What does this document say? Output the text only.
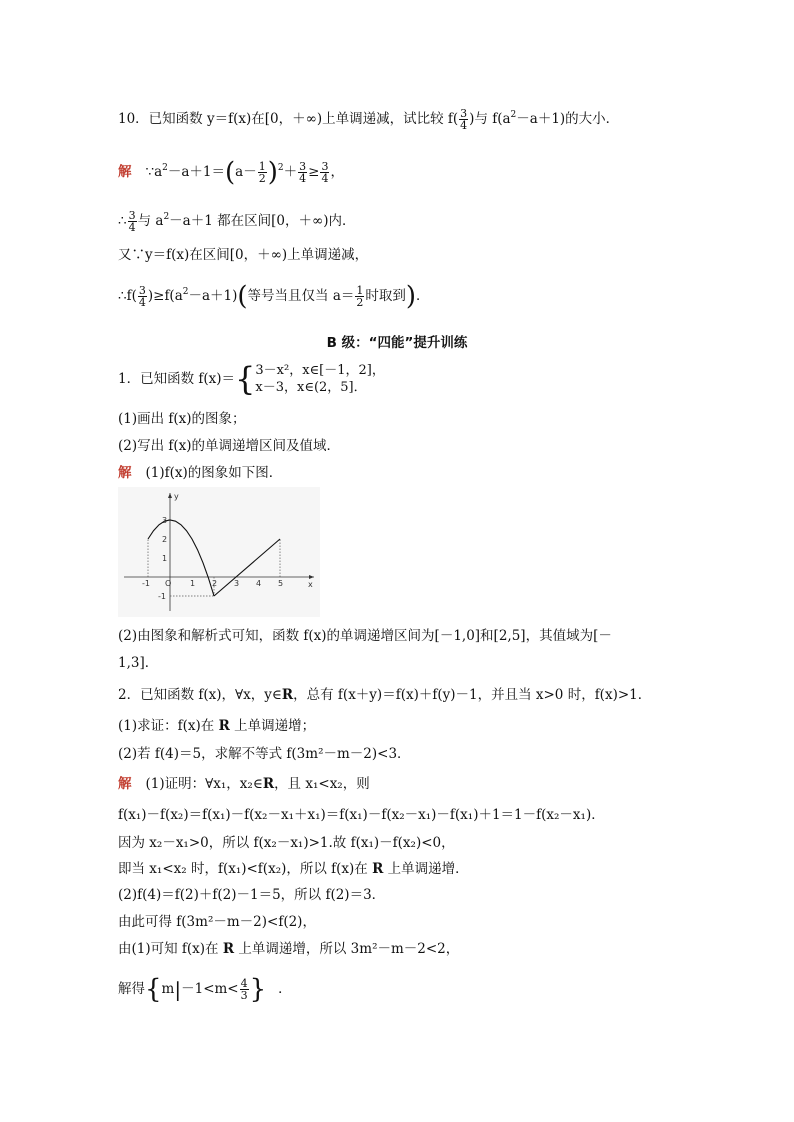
10．已知函数 y＝f(x)在[0，＋∞)上单调递减，试比较 $f( \frac{3}{4}$ )与 $f(a^2-a+1)$的大小．
解 $\because a^2-a+1=(a- \frac{1}{2} )^2+ \frac{3}{4} \ge \frac{3}{4}$ ，
∴ $\frac{3}{4}$ 与 $a^2-a+1$ 都在区间[0，＋∞)内．
又∵y＝f(x)在区间[0，＋∞)上单调递减，
∴f( $\frac{3}{4} )\ge f(a^2-a+1)$(等号当且仅当 $a= \frac{1}{2}$ 时取到)．
B 级：“四能”提升训练
1．已知函数 f(x)＝{ 3－x²，x∈[－1，2]，
x－3，x∈(2，5]．
(1)画出 f(x)的图象；
(2)写出 f(x)的单调递增区间及值域．
解 (1)f(x)的图象如下图．
x
y
O
-1	1 2 3 4 5
1
2
3
-1
(2)由图象和解析式可知，函数 f(x)的单调递增区间为[－1,0]和[2,5]，其值域为[－
1,3]．
2．已知函数 f(x)，∀x，y∈R，总有 f(x＋y)＝f(x)＋f(y)－1，并且当 x>0 时，f(x)>1．
(1)求证：f(x)在 R 上单调递增；
(2)若 f(4)＝5，求解不等式 f(3m²－m－2)<3．
解 (1)证明：∀x₁，x₂∈R，且 x₁<x₂，则
f(x₁)－f(x₂)＝f(x₁)－f(x₂－x₁＋x₁)＝f(x₁)－f(x₂－x₁)－f(x₁)＋1＝1－f(x₂－x₁)．
因为 x₂－x₁>0，所以 f(x₂－x₁)>1.故 f(x₁)－f(x₂)<0，
即当 x₁<x₂ 时，f(x₁)<f(x₂)，所以 f(x)在 R 上单调递增．
(2)f(4)＝f(2)＋f(2)－1＝5，所以 f(2)＝3．
由此可得 f(3m²－m－2)<f(2)，
由(1)可知 f(x)在 R 上单调递增，所以 3m²－m－2<2，
解得{$m|-1<m< \frac{4}{3}$ } ．
